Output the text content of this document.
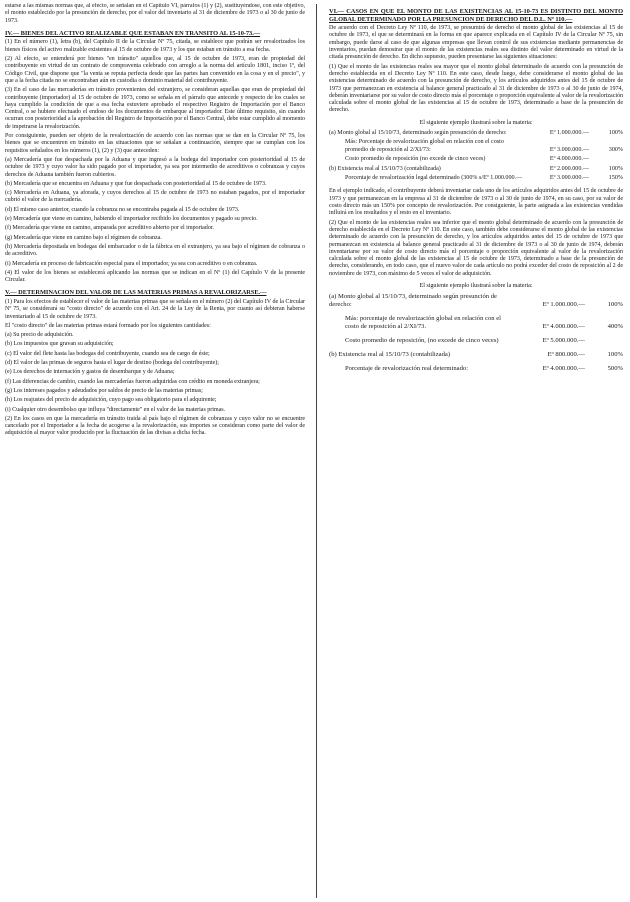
estarse a las mismas normas que, al efecto, se señalan en el Capítulo VI, párrafos (1) y (2), sustituyéndose, con este objetivo, el monto establecido por la presunción de derecho, por el valor del inventario al 31 de diciembre de 1973 o al 30 de junio de 1973.

IV.— BIENES DEL ACTIVO REALIZABLE QUE ESTABAN EN TRANSITO AL 15-10-73.—

(1) En el número (1), letra (b), del Capítulo II de la Circular Nº 75, citada, se establece que podrán ser revalorizados los bienes físicos del activo realizable existentes al 15 de octubre de 1973 y los que estaban en tránsito a esa fecha.

(2) Al efecto, se entenderá por bienes "en tránsito" aquellos que, al 15 de octubre de 1973, eran de propiedad del contribuyente en virtud de un contrato de compraventa celebrado con arreglo a la norma del artículo 1801, inciso 1º, del Código Civil, que dispone que "la venta se reputa perfecta desde que las partes han convenido en la cosa y en el precio", y que a la fecha citada no se encontraban aún en custodia o dominio material del contribuyente.

(3) En el caso de las mercaderías en tránsito provenientes del extranjero, se consideran aquellas que eran de propiedad del contribuyente (importador) al 15 de octubre de 1973, como se señala en el párrafo que antecede y respecto de los cuales se haya cumplido la condición de que a esa fecha estuviere aprobado el respectivo Registro de Importación por el Banco Central, o se hubiere efectuado el endoso de los documentos de embarque al importador. Este último requisito, sin cuando ocurran con posterioridad a la aprobación del Registro de Importación por el Banco Central, debe estar cumplido al momento de impetrarse la revalorización.

Por consiguiente, pueden ser objeto de la revalorización de acuerdo con las normas que se dan en la Circular Nº 75, los bienes que se encuentren en tránsito en las situaciones que se señalan a continuación, siempre que se cumplan con los requisitos señalados en los números (1), (2) y (3) que anteceden:

(a) Mercadería que fue despachada por la Aduana y que ingresó a la bodega del importador con posterioridad al 15 de octubre de 1973 y cuyo valor ha sido pagado por el importador, ya sea por intermedio de acreditivos o cobranzas y cuyos derechos de Aduana también fueron cubiertos.

(b) Mercadería que se encuentra en Aduana y que fue despachada con posterioridad al 15 de octubre de 1973.

(c) Mercadería en Aduana, ya aforada, y cuyos derechos al 15 de octubre de 1973 no estaban pagados, por el importador cubrió el valor de la mercadería.

(d) El mismo caso anterior, cuando la cobranza no se encontraba pagada al 15 de octubre de 1973.

(e) Mercadería que viene en camino, habiendo el importador recibido los documentos y pagado su precio.

(f) Mercadería que viene en camino, amparada por acreditivo abierto por el importador.

(g) Mercadería que viene en camino bajo el régimen de cobranza.

(h) Mercadería depositada en bodegas del embarcador o de la fábrica en el extranjero, ya sea bajo el régimen de cobranza o de acreditivo.

(i) Mercadería en proceso de fabricación especial para el importador, ya sea con acreditivo o en cobranza.

(4) El valor de los bienes se establecerá aplicando las normas que se indican en el Nº (1) del Capítulo V de la presente Circular.

V.— DETERMINACION DEL VALOR DE LAS MATERIAS PRIMAS A REVALORIZARSE.—

(1) Para los efectos de establecer el valor de las materias primas que se señala en el número (2) del Capítulo IV de la Circular Nº 75, se considerará su "costo directo" de acuerdo con el Art. 24 de la Ley de la Renta, por cuanto así debieran haberse inventariado al 15 de octubre de 1973.

El "costo directo" de las materias primas estará formado por los siguientes cantidades:

(a) Su precio de adquisición.

(b) Los impuestos que gravan su adquisición;

(c) El valor del flete hasta las bodegas del contribuyente, cuando sea de cargo de éste;

(d) El valor de las primas de seguros hasta el lugar de destino (bodega del contribuyente);

(e) Los derechos de internación y gastos de desembarque y de Aduana;

(f) Las diferencias de cambio, cuando las mercaderías fueron adquiridas con crédito en moneda extranjera;

(g) Los intereses pagados y adeudados por saldos de precio de las materias primas;

(h) Los reajustes del precio de adquisición, cuyo pago sea obligatorio para el adquirente;

(i) Cualquier otro desembolso que influya "directamente" en el valor de las materias primas.

(2) En los casos en que la mercadería en tránsito traida al país bajo el régimen de cobranzas y cuyo valor no se encuentre cancelado por el Importador a la fecha de acogerse a la revalorización, sus importes se consideran como parte del valor de adquisición al mayor valor producido por la fluctuación de las divisas a dicha fecha.

VI.— CASOS EN QUE EL MONTO DE LAS EXISTENCIAS AL 15-10-73 ES DISTINTO DEL MONTO GLOBAL DETERMINADO POR LA PRESUNCION DE DERECHO DEL D.L. Nº 110.—

De acuerdo con el Decreto Ley Nº 110, de 1973, se presumirá de derecho el monto global de las existencias al 15 de octubre de 1973, el que se determinará en la forma en que aparece explicada en el Capítulo IV de la Circular Nº 75, sin embargo, puede darse al caso de que algunas empresas que llevan control de sus existencias mediante permanencias de inventarios, puedan demostrar que el monto de las existencias reales sea distinto del valor determinado en virtud de la citada presunción de derecho. En dicho supuesto, pueden presentarse las siguientes situaciones:

(1) Que el monto de las existencias reales sea mayor que el monto global determinado de acuerdo con la presunción de derecho establecida en el Decreto Ley Nº 110. En este caso, desde luego, debe considerarse el monto global de las existencias determinado de acuerdo con la presunción de derecho, y los artículos adquiridos antes del 15 de octubre de 1973 que permanezcan en existencia al balance general practicado al 31 de diciembre de 1973 o al 30 de junio de 1974, deberán inventariarse por su valor de costo directo más el porcentaje o proporción equivalente al valor de la revalorización calculada sobre el monto global de las existencias al 15 de octubre de 1973, determinado a base de la presunción de derecho.

El siguiente ejemplo ilustrará sobre la materia:

(a) Monto global al 15/10/73, determinado según presunción de derecho:	Eº 1.000.000.—	100%
Más: Porcentaje de revalorización global en relación con el costo promedio de reposición al 2/XI/73:	Eº 3.000.000.—	300%
Costo promedio de reposición (no excede de cinco veces)	Eº 4.000.000.—
(b) Existencia real al 15/10/73 (contabilizada)	Eº 2.000.000.—	100%
Porcentaje de revalorización legal determinado (300% s/Eº 1.000.000.—	Eº 3.000.000.—	150%

En el ejemplo indicado, el contribuyente deberá inventariar cada uno de los artículos adquiridos antes del 15 de octubre de 1973 y que permanezcan en la empresa al 31 de diciembre de 1973 o al 30 de junio de 1974, en su caso, por su valor de costo directo más un 150% por concepto de revalorización. Por consiguiente, la parte asignada a las existencias vendidas influirá en los resultados y el resto en el inventario.

(2) Que el monto de las existencias reales sea inferior que el monto global determinado de acuerdo con la presunción de derecho establecida en el Decreto Ley Nº 110. En este caso, también debe considerarse el monto global de las existencias determinado de acuerdo con la presunción de derecho, y los artículos adquiridos antes del 15 de octubre de 1973 que permanezcan en existencia al balance general practicado al 31 de diciembre de 1973 o al 30 de junio de 1974, deberán inventariarse por su valor de costo directo más el porcentaje o proporción equivalente al valor de la revalorización calculada sobre el monto global de las existencias al 15 de octubre de 1973, determinado a base de la presunción de derecho, considerando, en todo caso, que el nuevo valor de cada artículo no podrá exceder del costo de reposición al 2 de noviembre de 1973, con máximo de 5 veces el valor de adquisición.

El siguiente ejemplo ilustrará sobre la materia:

(a) Monto global al 15/10/73, determinado según presunción de derecho:	Eº 1.000.000.—	100%
Más: porcentaje de revalorización global en relación con el costo de reposición al 2/XI/73.	Eº 4.000.000.—	400%
Costo promedio de reposición, (no excede de cinco veces)	Eº 5.000.000.—
(b) Existencia real al 15/10/73 (contabilizada)	Eº 800.000.—	100%
Porcentaje de revalorización real determinado:	Eº 4.000.000.—	500%
